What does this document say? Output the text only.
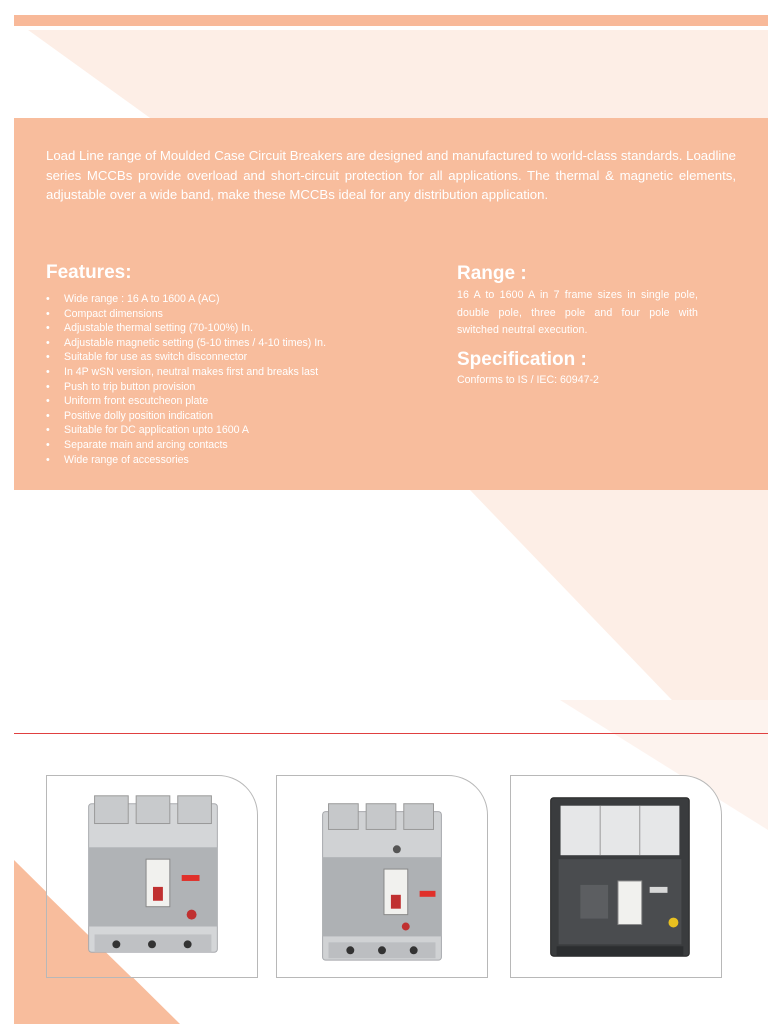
Load Line range of Moulded Case Circuit Breakers are designed and manufactured to world-class standards. Loadline series MCCBs provide overload and short-circuit protection for all applications. The thermal & magnetic elements, adjustable over a wide band, make these MCCBs ideal for any distribution application.

Features:
• Wide range : 16 A to 1600 A (AC)
• Compact dimensions
• Adjustable thermal setting (70-100%) In.
• Adjustable magnetic setting (5-10 times / 4-10 times) In.
• Suitable for use as switch disconnector
• In 4P wSN version, neutral makes first and breaks last
• Push to trip button provision
• Uniform front escutcheon plate
• Positive dolly position indication
• Suitable for DC application upto 1600 A
• Separate main and arcing contacts
• Wide range of accessories
Range :

16 A to 1600 A in 7 frame sizes in single pole, double pole, three pole and four pole with switched neutral execution.

Specification :

Conforms to IS / IEC: 60947-2
